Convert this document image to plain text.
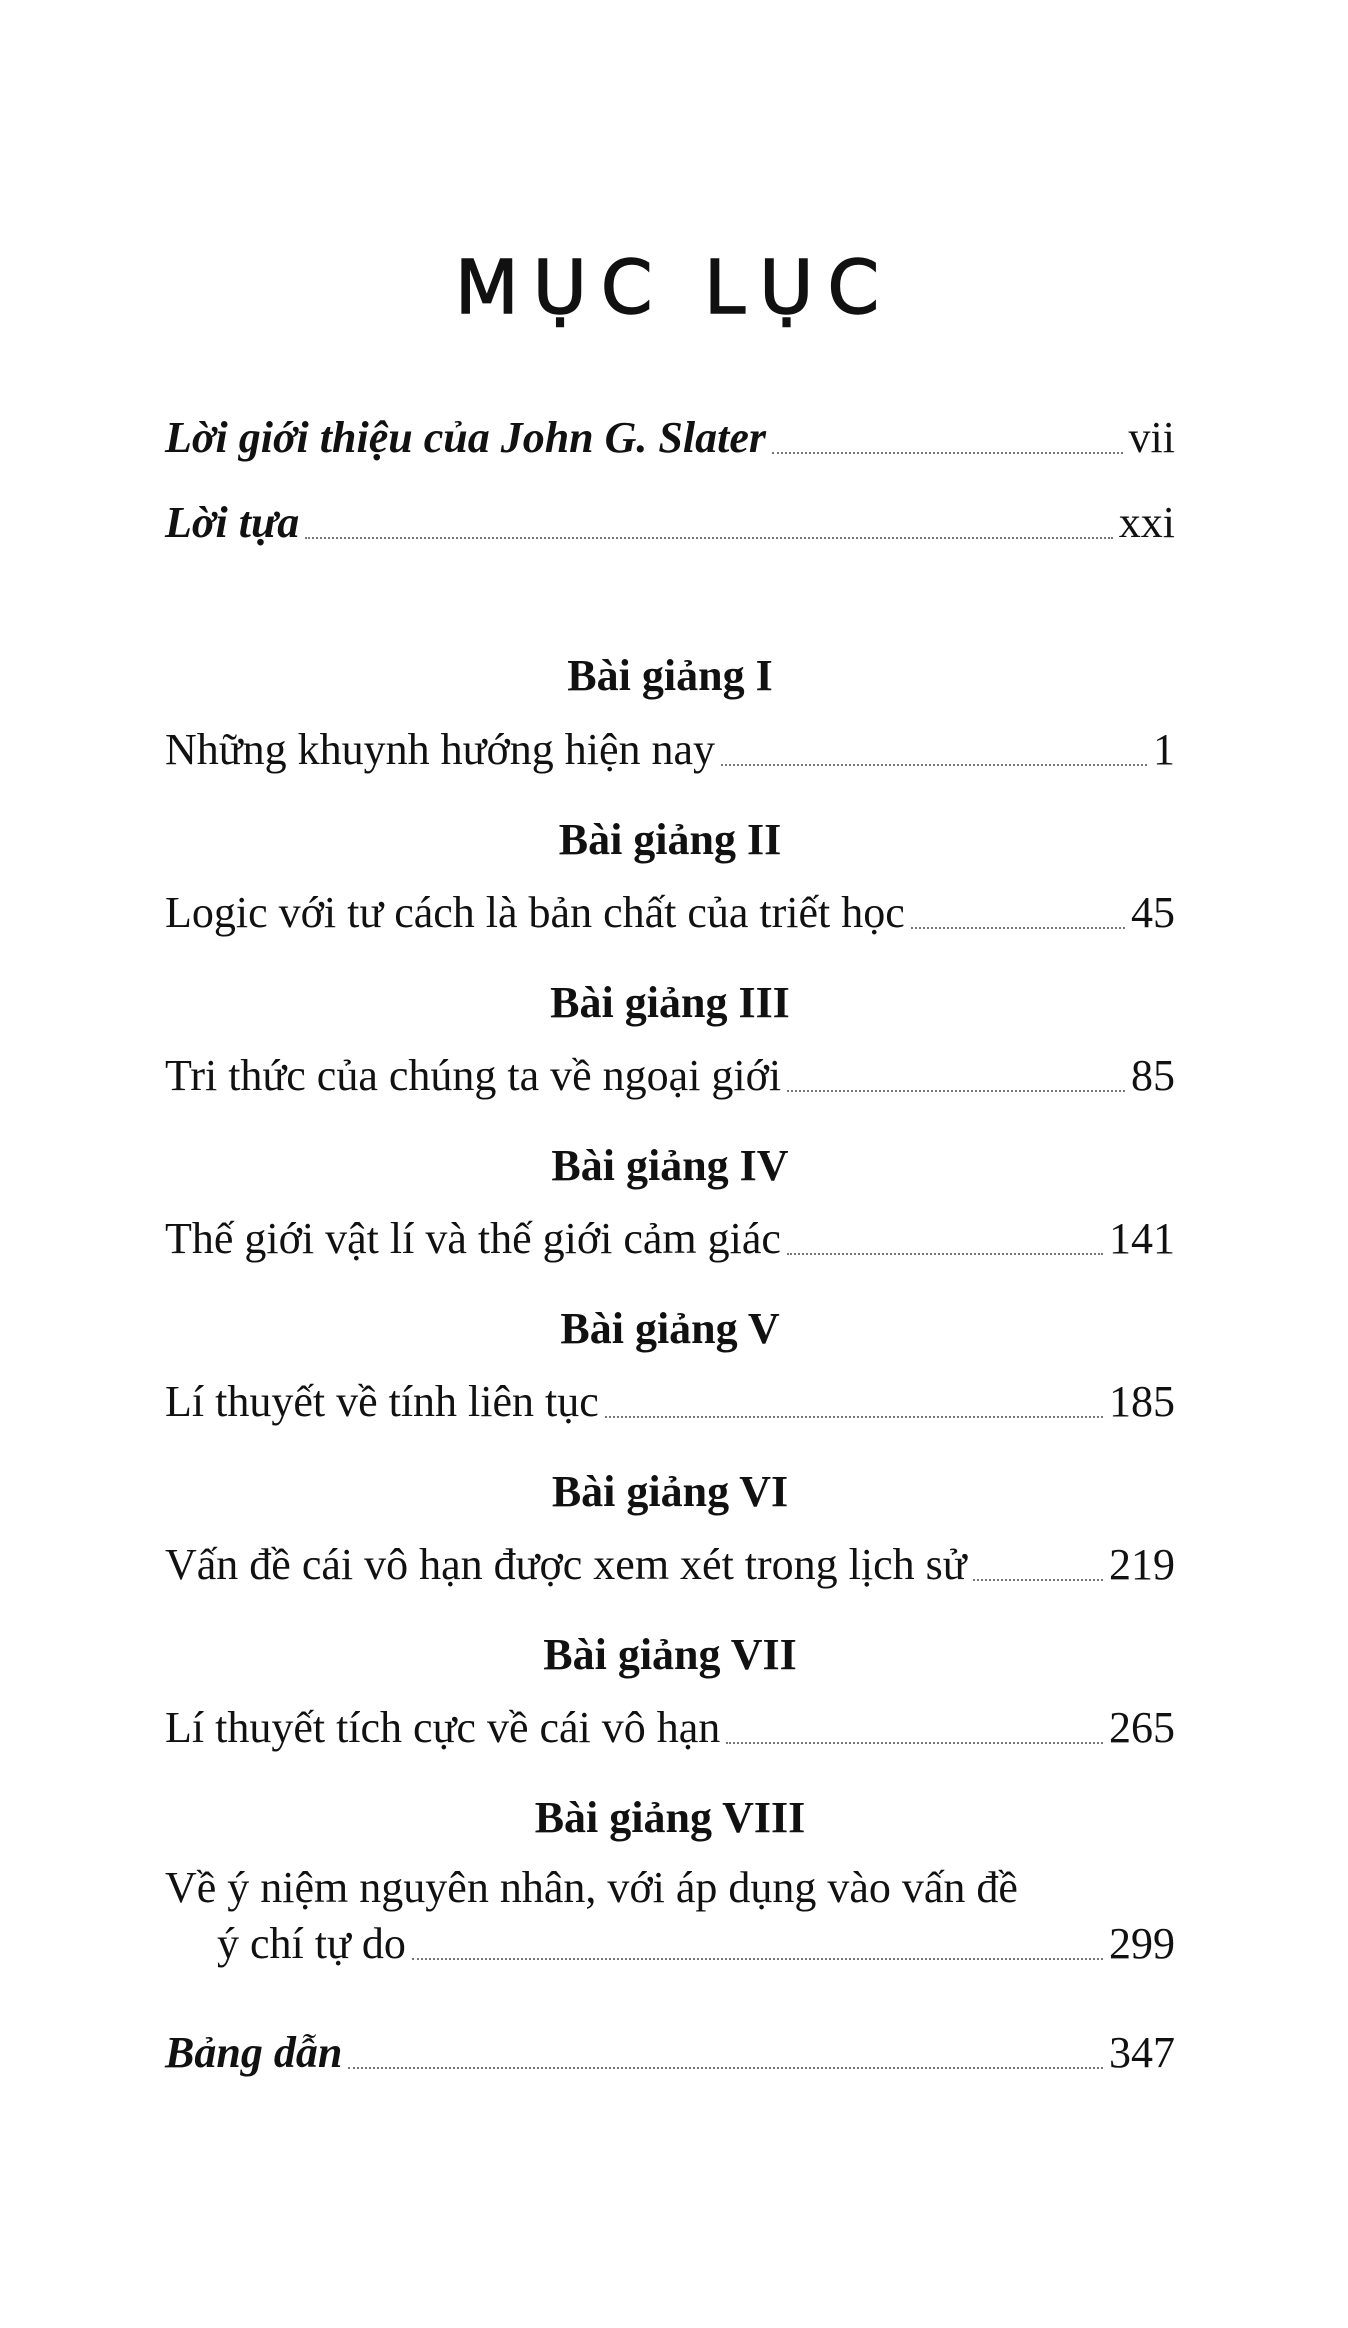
MỤC LỤC
Lời giới thiệu của John G. Slater	vii
Lời tựa	xxi
Bài giảng I
Những khuynh hướng hiện nay	1
Bài giảng II
Logic với tư cách là bản chất của triết học	45
Bài giảng III
Tri thức của chúng ta về ngoại giới	85
Bài giảng IV
Thế giới vật lí và thế giới cảm giác	141
Bài giảng V
Lí thuyết về tính liên tục	185
Bài giảng VI
Vấn đề cái vô hạn được xem xét trong lịch sử	219
Bài giảng VII
Lí thuyết tích cực về cái vô hạn	265
Bài giảng VIII
Về ý niệm nguyên nhân, với áp dụng vào vấn đề
ý chí tự do	299
Bảng dẫn	347
